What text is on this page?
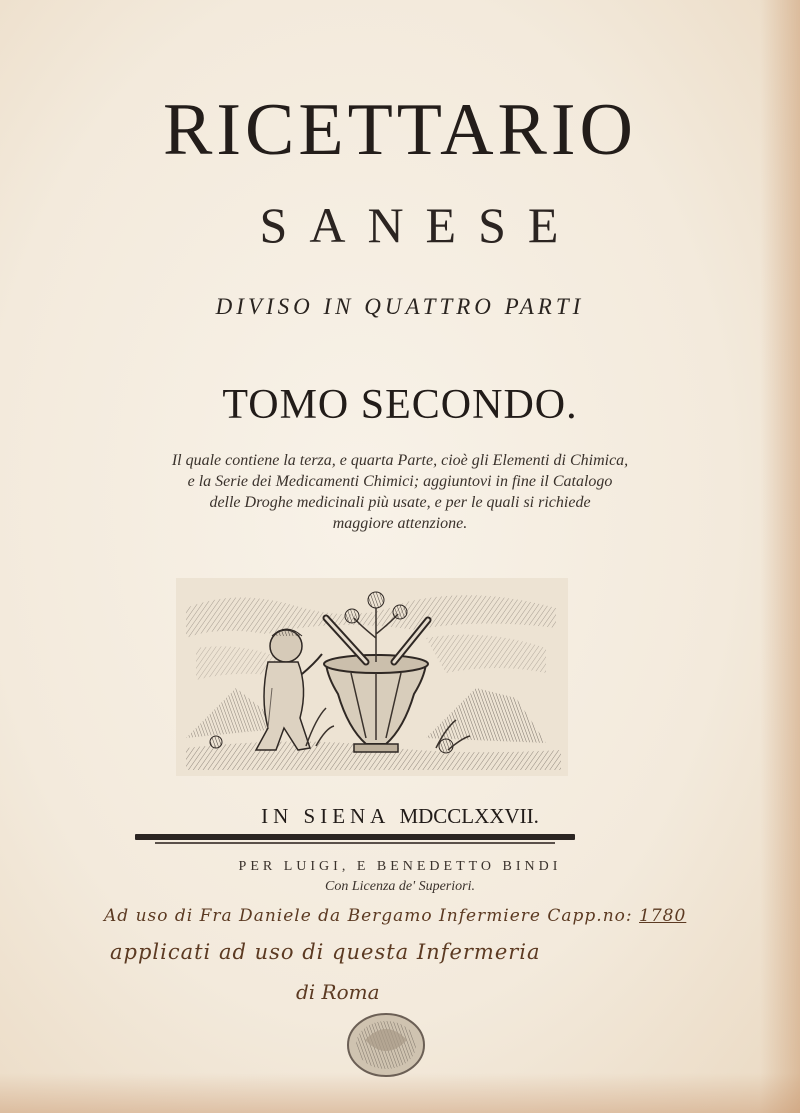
RICETTARIO
SANESE
DIVISO IN QUATTRO PARTI
TOMO SECONDO.
Il quale contiene la terza, e quarta Parte, cioè gli Elementi di Chimica,
e la Serie dei Medicamenti Chimici; aggiuntovi in fine il Catalogo
delle Droghe medicinali più usate, e per le quali si richiede
maggiore attenzione.
IN SIENA MDCCLXXVII.
PER LUIGI, E BENEDETTO BINDI
Con Licenza de' Superiori.
Ad uso di Fra Daniele da Bergamo Infermiere Capp.no: 1780
applicati ad uso di questa Infermeria
di Roma
